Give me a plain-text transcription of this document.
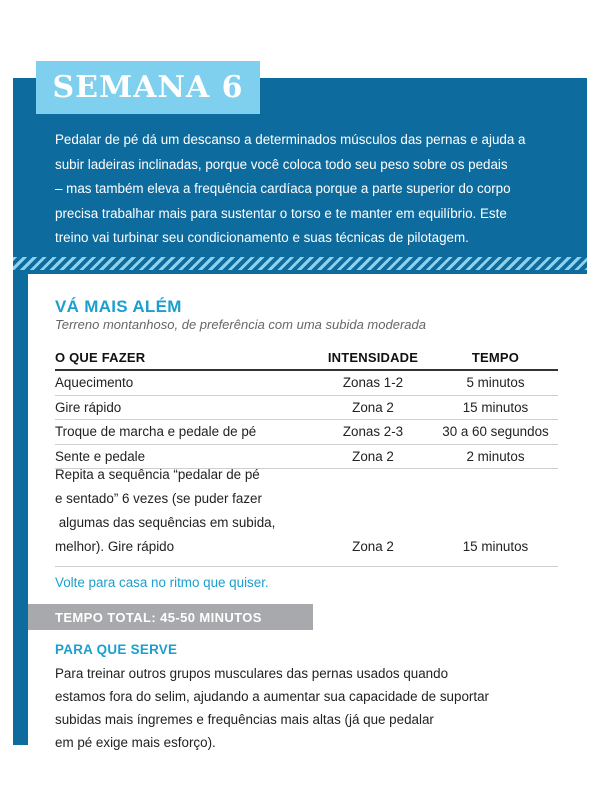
SEMANA 6
Pedalar de pé dá um descanso a determinados músculos das pernas e ajuda a
subir ladeiras inclinadas, porque você coloca todo seu peso sobre os pedais
– mas também eleva a frequência cardíaca porque a parte superior do corpo
precisa trabalhar mais para sustentar o torso e te manter em equilíbrio. Este
treino vai turbinar seu condicionamento e suas técnicas de pilotagem.
VÁ MAIS ALÉM
Terreno montanhoso, de preferência com uma subida moderada
O QUE FAZER	INTENSIDADE	TEMPO
Aquecimento	Zonas 1-2	5 minutos
Gire rápido	Zona 2	15 minutos
Troque de marcha e pedale de pé	Zonas 2-3	30 a 60 segundos
Sente e pedale	Zona 2	2 minutos
Repita a sequência “pedalar de pé
e sentado” 6 vezes (se puder fazer
algumas das sequências em subida,
melhor). Gire rápido	Zona 2	15 minutos
Volte para casa no ritmo que quiser.
TEMPO TOTAL: 45-50 MINUTOS
PARA QUE SERVE
Para treinar outros grupos musculares das pernas usados quando
estamos fora do selim, ajudando a aumentar sua capacidade de suportar
subidas mais íngremes e frequências mais altas (já que pedalar
em pé exige mais esforço).
